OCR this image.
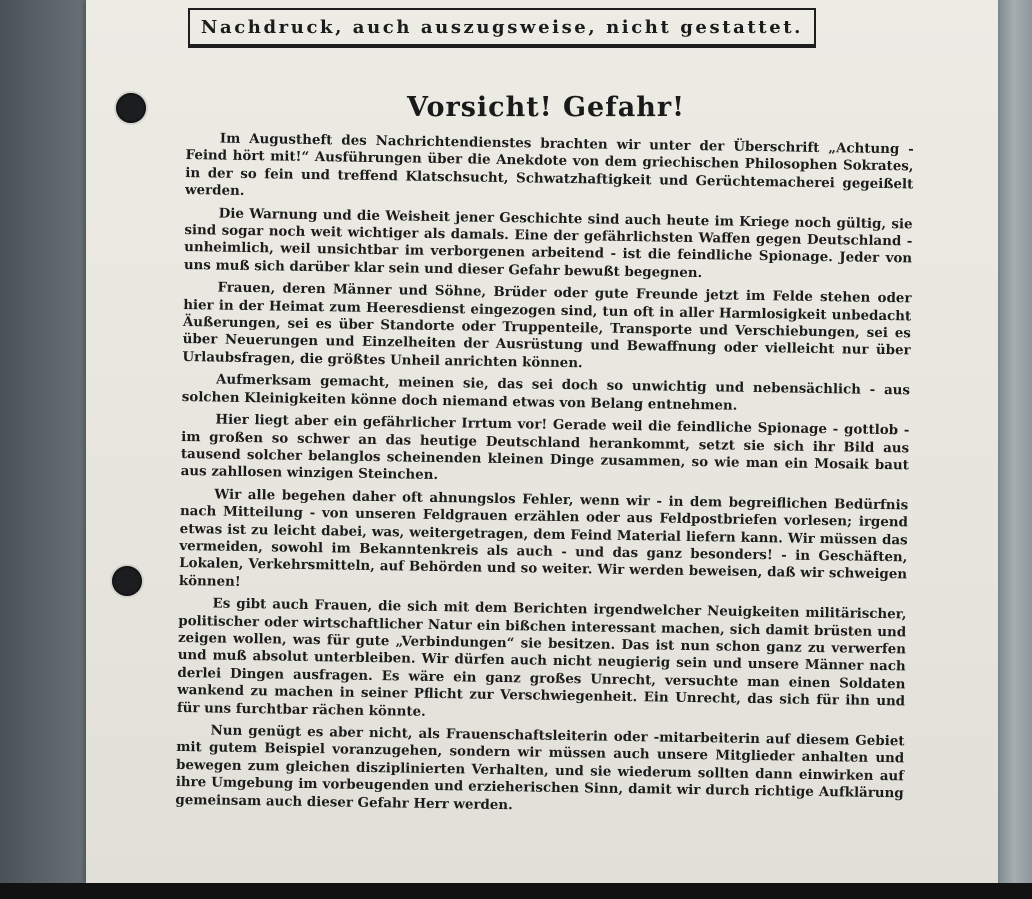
Nachdruck, auch auszugsweise, nicht gestattet.
Vorsicht! Gefahr!

Im Augustheft des Nachrichtendienstes brachten wir unter der Überschrift „Achtung - Feind hört mit!“ Ausführungen über die Anekdote von dem griechischen Philosophen Sokrates, in der so fein und treffend Klatschsucht, Schwatzhaftigkeit und Gerüchtemacherei gegeißelt werden.

Die Warnung und die Weisheit jener Geschichte sind auch heute im Kriege noch gültig, sie sind sogar noch weit wichtiger als damals. Eine der gefährlichsten Waffen gegen Deutschland - unheimlich, weil unsichtbar im verborgenen arbeitend - ist die feindliche Spionage. Jeder von uns muß sich darüber klar sein und dieser Gefahr bewußt begegnen.

Frauen, deren Männer und Söhne, Brüder oder gute Freunde jetzt im Felde stehen oder hier in der Heimat zum Heeresdienst eingezogen sind, tun oft in aller Harmlosigkeit unbedacht Äußerungen, sei es über Standorte oder Truppenteile, Transporte und Verschiebungen, sei es über Neuerungen und Einzelheiten der Ausrüstung und Bewaffnung oder vielleicht nur über Urlaubsfragen, die größtes Unheil anrichten können.

Aufmerksam gemacht, meinen sie, das sei doch so unwichtig und nebensächlich - aus solchen Kleinigkeiten könne doch niemand etwas von Belang entnehmen.

Hier liegt aber ein gefährlicher Irrtum vor! Gerade weil die feindliche Spionage - gottlob - im großen so schwer an das heutige Deutschland herankommt, setzt sie sich ihr Bild aus tausend solcher belanglos scheinenden kleinen Dinge zusammen, so wie man ein Mosaik baut aus zahllosen winzigen Steinchen.

Wir alle begehen daher oft ahnungslos Fehler, wenn wir - in dem begreiflichen Bedürfnis nach Mitteilung - von unseren Feldgrauen erzählen oder aus Feldpostbriefen vorlesen; irgend etwas ist zu leicht dabei, was, weitergetragen, dem Feind Material liefern kann. Wir müssen das vermeiden, sowohl im Bekanntenkreis als auch - und das ganz besonders! - in Geschäften, Lokalen, Verkehrsmitteln, auf Behörden und so weiter. Wir werden beweisen, daß wir schweigen können!

Es gibt auch Frauen, die sich mit dem Berichten irgendwelcher Neuigkeiten militärischer, politischer oder wirtschaftlicher Natur ein bißchen interessant machen, sich damit brüsten und zeigen wollen, was für gute „Verbindungen“ sie besitzen. Das ist nun schon ganz zu verwerfen und muß absolut unterbleiben. Wir dürfen auch nicht neugierig sein und unsere Männer nach derlei Dingen ausfragen. Es wäre ein ganz großes Unrecht, versuchte man einen Soldaten wankend zu machen in seiner Pflicht zur Verschwiegenheit. Ein Unrecht, das sich für ihn und für uns furchtbar rächen könnte.

Nun genügt es aber nicht, als Frauenschaftsleiterin oder -mitarbeiterin auf diesem Gebiet mit gutem Beispiel voranzugehen, sondern wir müssen auch unsere Mitglieder anhalten und bewegen zum gleichen disziplinierten Verhalten, und sie wiederum sollten dann einwirken auf ihre Umgebung im vorbeugenden und erzieherischen Sinn, damit wir durch richtige Aufklärung gemeinsam auch dieser Gefahr Herr werden.
